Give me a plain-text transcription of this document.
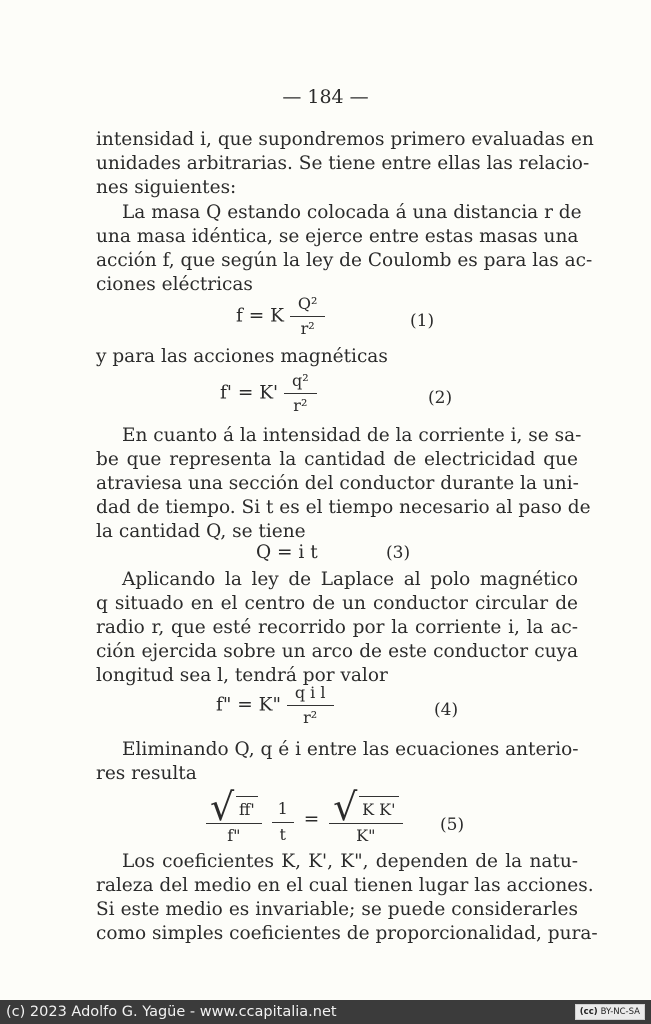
— 184 —

intensidad i, que supondremos primero evaluadas en

unidades arbitrarias. Se tiene entre ellas las relacio-

nes siguientes:

La masa Q estando colocada á una distancia r de

una masa idéntica, se ejerce entre estas masas una

acción f, que según la ley de Coulomb es para las ac-

ciones eléctricas

f = K $\frac{\text{Q²}}{\text{r²}}$	(1)

y para las acciones magnéticas

$f' = K' \frac{\text{q²}}{\text{r²}}$	(2)

En cuanto á la intensidad de la corriente i, se sa-

be que representa la cantidad de electricidad que

atraviesa una sección del conductor durante la uni-

dad de tiempo. Si t es el tiempo necesario al paso de

la cantidad Q, se tiene

Q = i t	(3)

Aplicando la ley de Laplace al polo magnético

q situado en el centro de un conductor circular de

radio r, que esté recorrido por la corriente i, la ac-

ción ejercida sobre un arco de este conductor cuya

longitud sea l, tendrá por valor

f" = K" $\frac{\text{q i l}}{\text{r²}}$	(4)

Eliminando Q, q é i entre las ecuaciones anterio-

res resulta

$\frac{√ ff'}{f"}$
$\frac{1}{t} = \frac{\text{√ K K'}}{K"} (5)$

Los coeficientes K, K', K", dependen de la natu-

raleza del medio en el cual tienen lugar las acciones.

Si este medio es invariable; se puede considerarles

como simples coeficientes de proporcionalidad, pura-

(c) 2023 Adolfo G. Yagüe - www.ccapitalia.net	(cc) BY-NC-SA
